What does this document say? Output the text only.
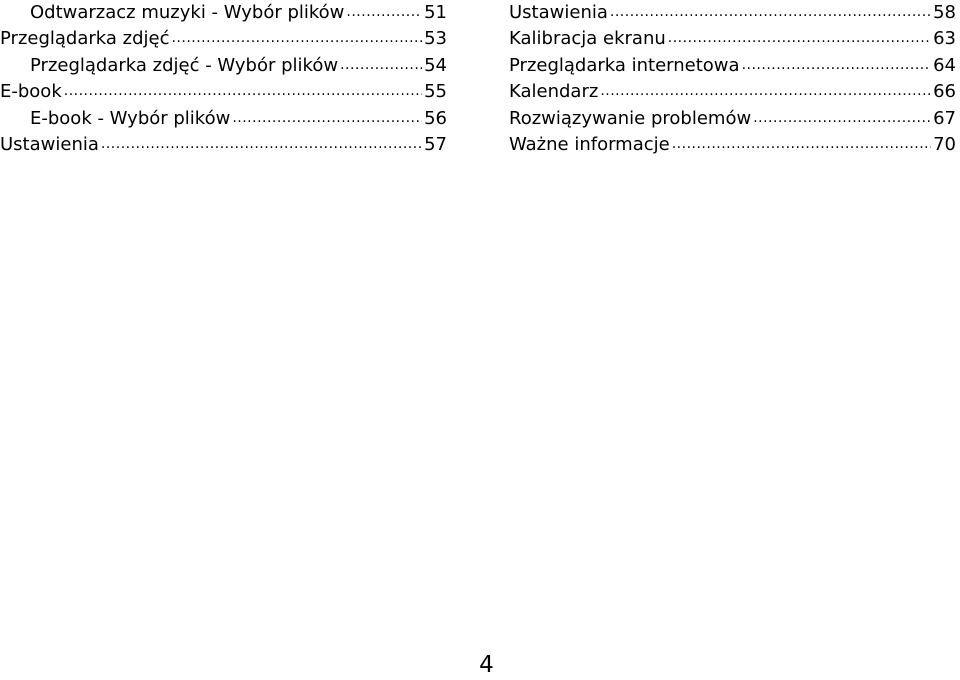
Odtwarzacz muzyki - Wybór plików .....	51
Przeglądarka zdjęć .....	53
Przeglądarka zdjęć - Wybór plików .....	54
E-book .....	55
E-book - Wybór plików .....	56
Ustawienia .....	57
Ustawienia .....	58
Kalibracja ekranu .....	63
Przeglądarka internetowa .....	64
Kalendarz .....	66
Rozwiązywanie problemów .....	67
Ważne informacje .....	70
4
